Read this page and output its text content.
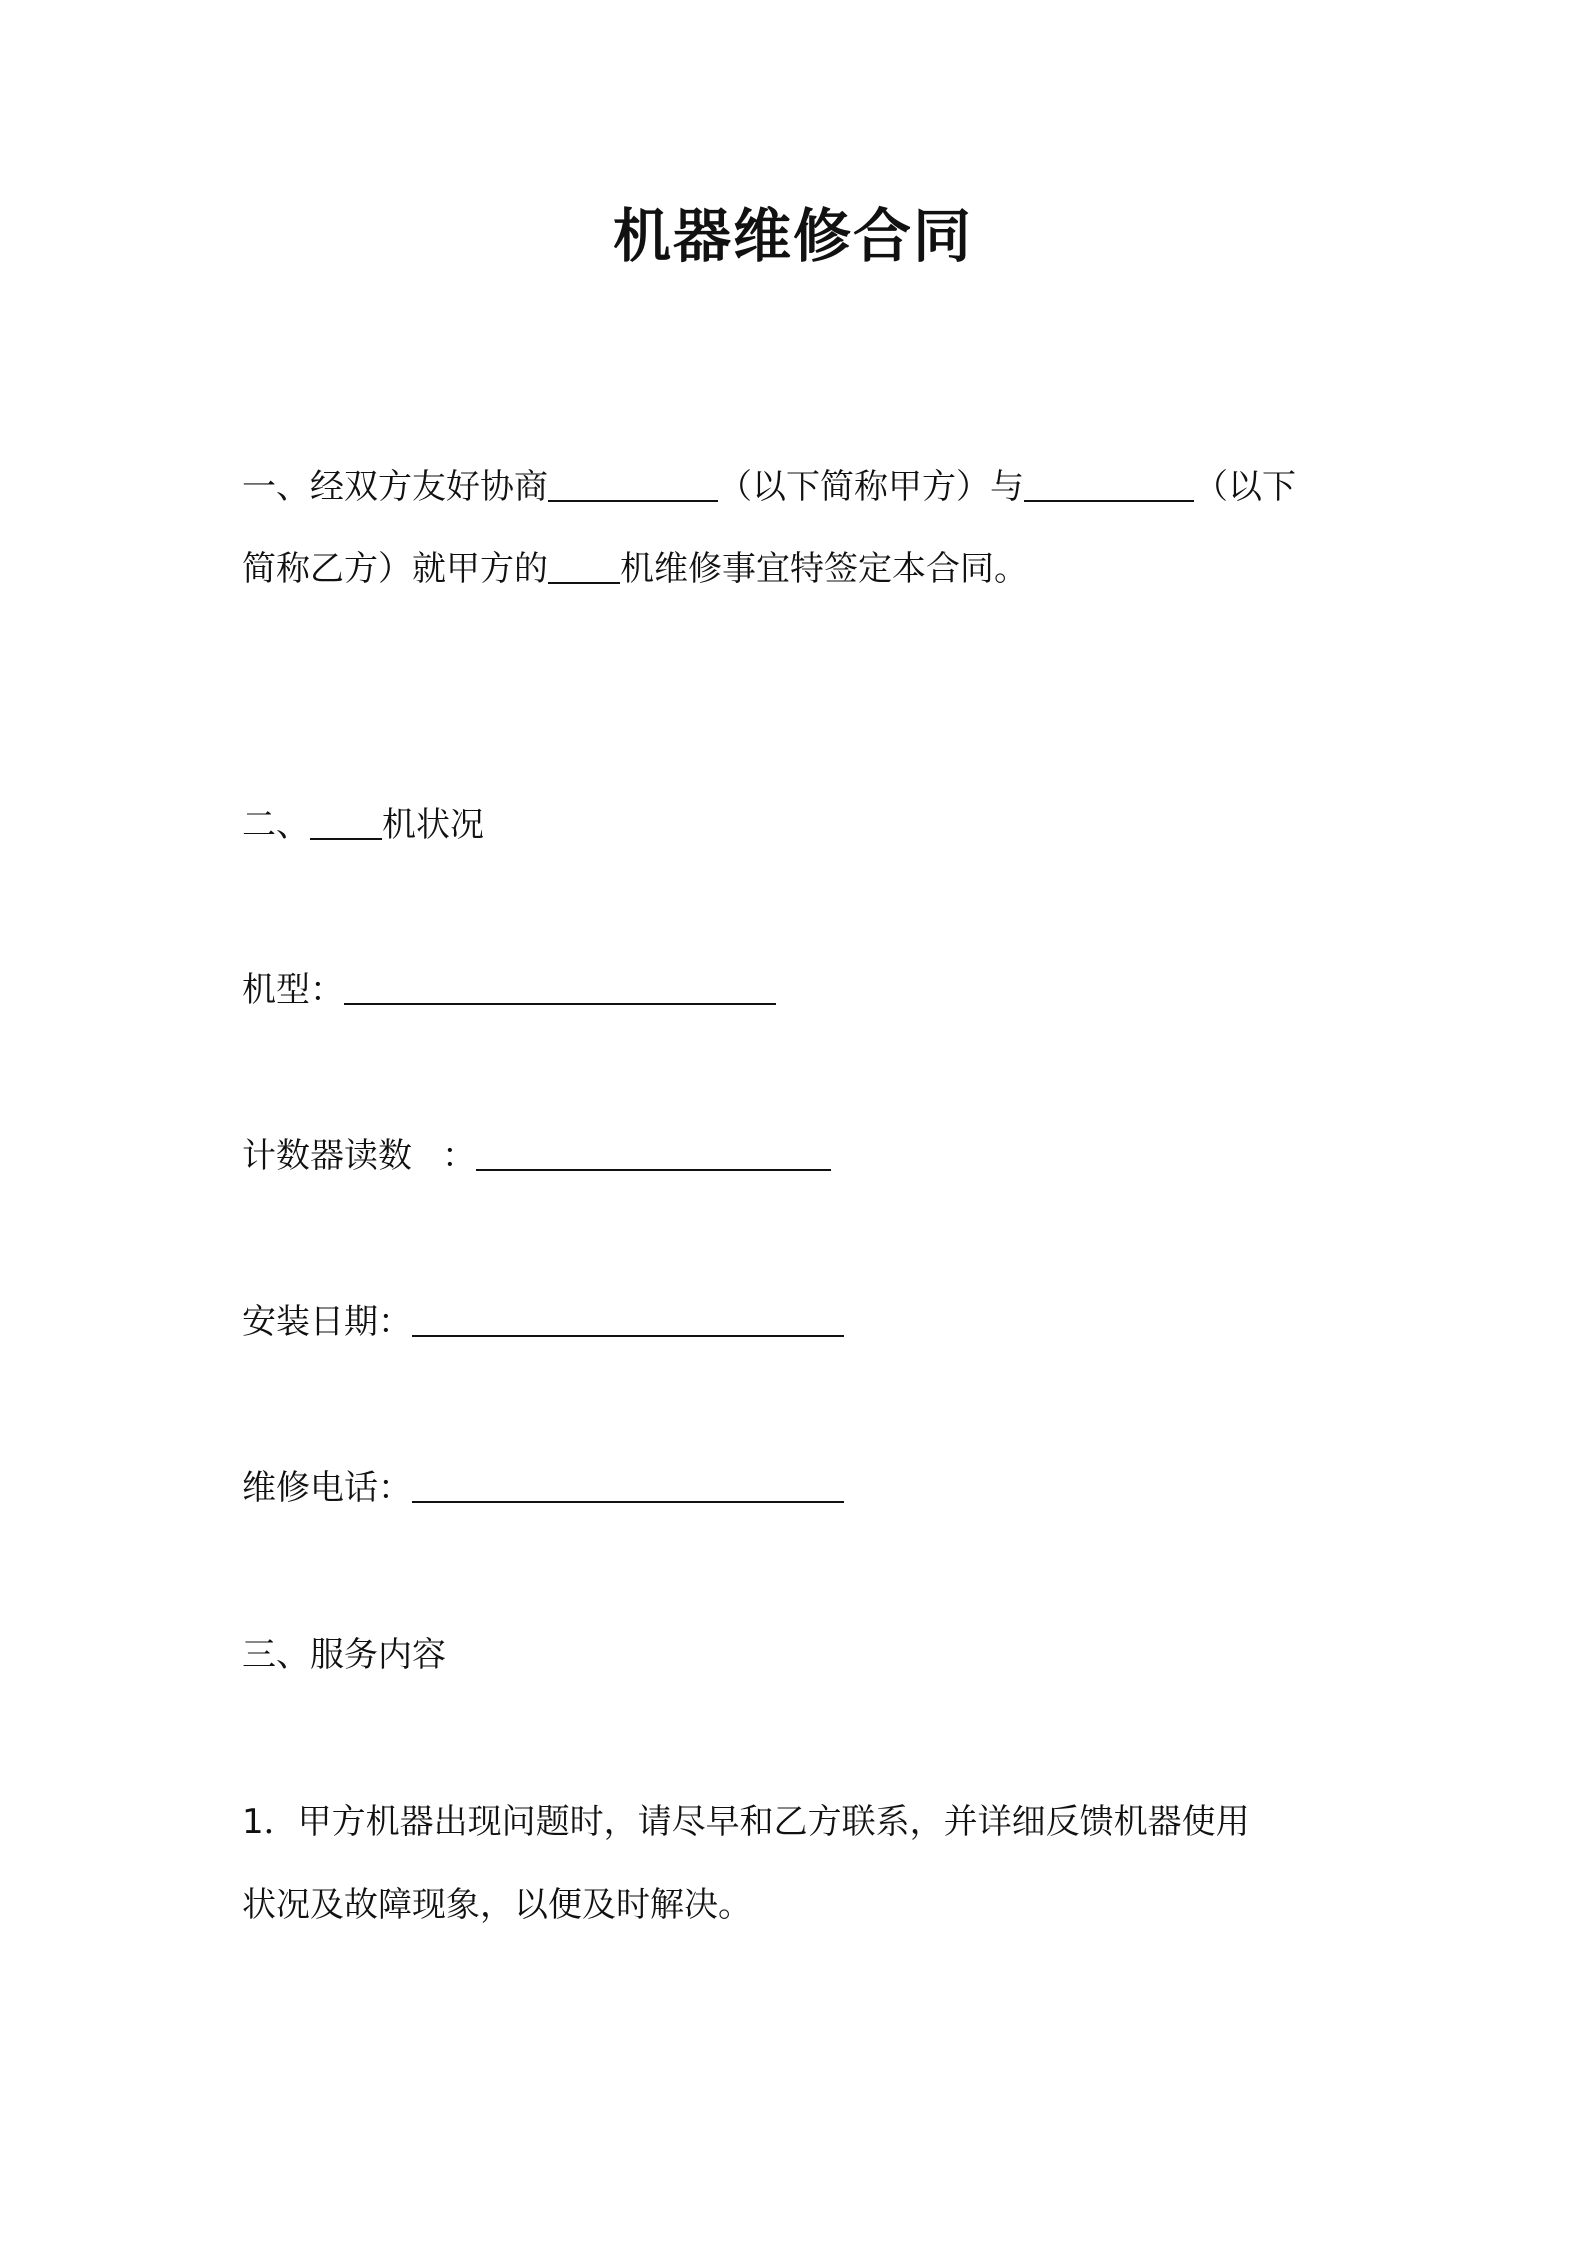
机器维修合同
一、经双方友好协商	（以下简称甲方）与	（以下
简称乙方）就甲方的 机维修事宜特签定本合同。
二、 机状况
机型：
计数器读数 ：
安装日期：
维修电话：
三、服务内容
1．甲方机器出现问题时，请尽早和乙方联系，并详细反馈机器使用
状况及故障现象，以便及时解决。
